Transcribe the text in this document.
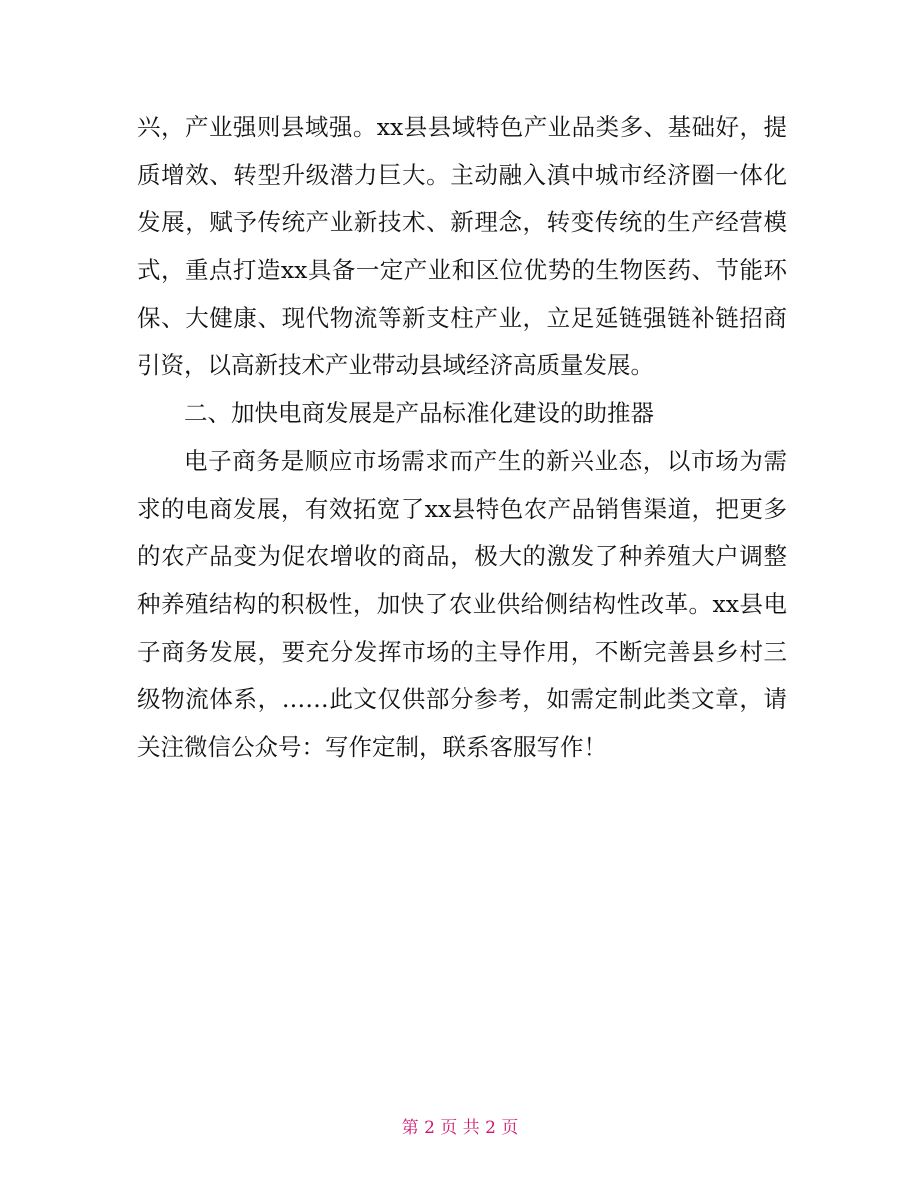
兴，产业强则县域强。xx县县域特色产业品类多、基础好，提
质增效、转型升级潜力巨大。主动融入滇中城市经济圈一体化
发展，赋予传统产业新技术、新理念，转变传统的生产经营模
式，重点打造xx具备一定产业和区位优势的生物医药、节能环
保、大健康、现代物流等新支柱产业，立足延链强链补链招商
引资，以高新技术产业带动县域经济高质量发展。
二、加快电商发展是产品标准化建设的助推器
电子商务是顺应市场需求而产生的新兴业态，以市场为需
求的电商发展，有效拓宽了xx县特色农产品销售渠道，把更多
的农产品变为促农增收的商品，极大的激发了种养殖大户调整
种养殖结构的积极性，加快了农业供给侧结构性改革。xx县电
子商务发展，要充分发挥市场的主导作用，不断完善县乡村三
级物流体系，……此文仅供部分参考，如需定制此类文章，请
关注微信公众号：写作定制，联系客服写作！
第 2 页 共 2 页
